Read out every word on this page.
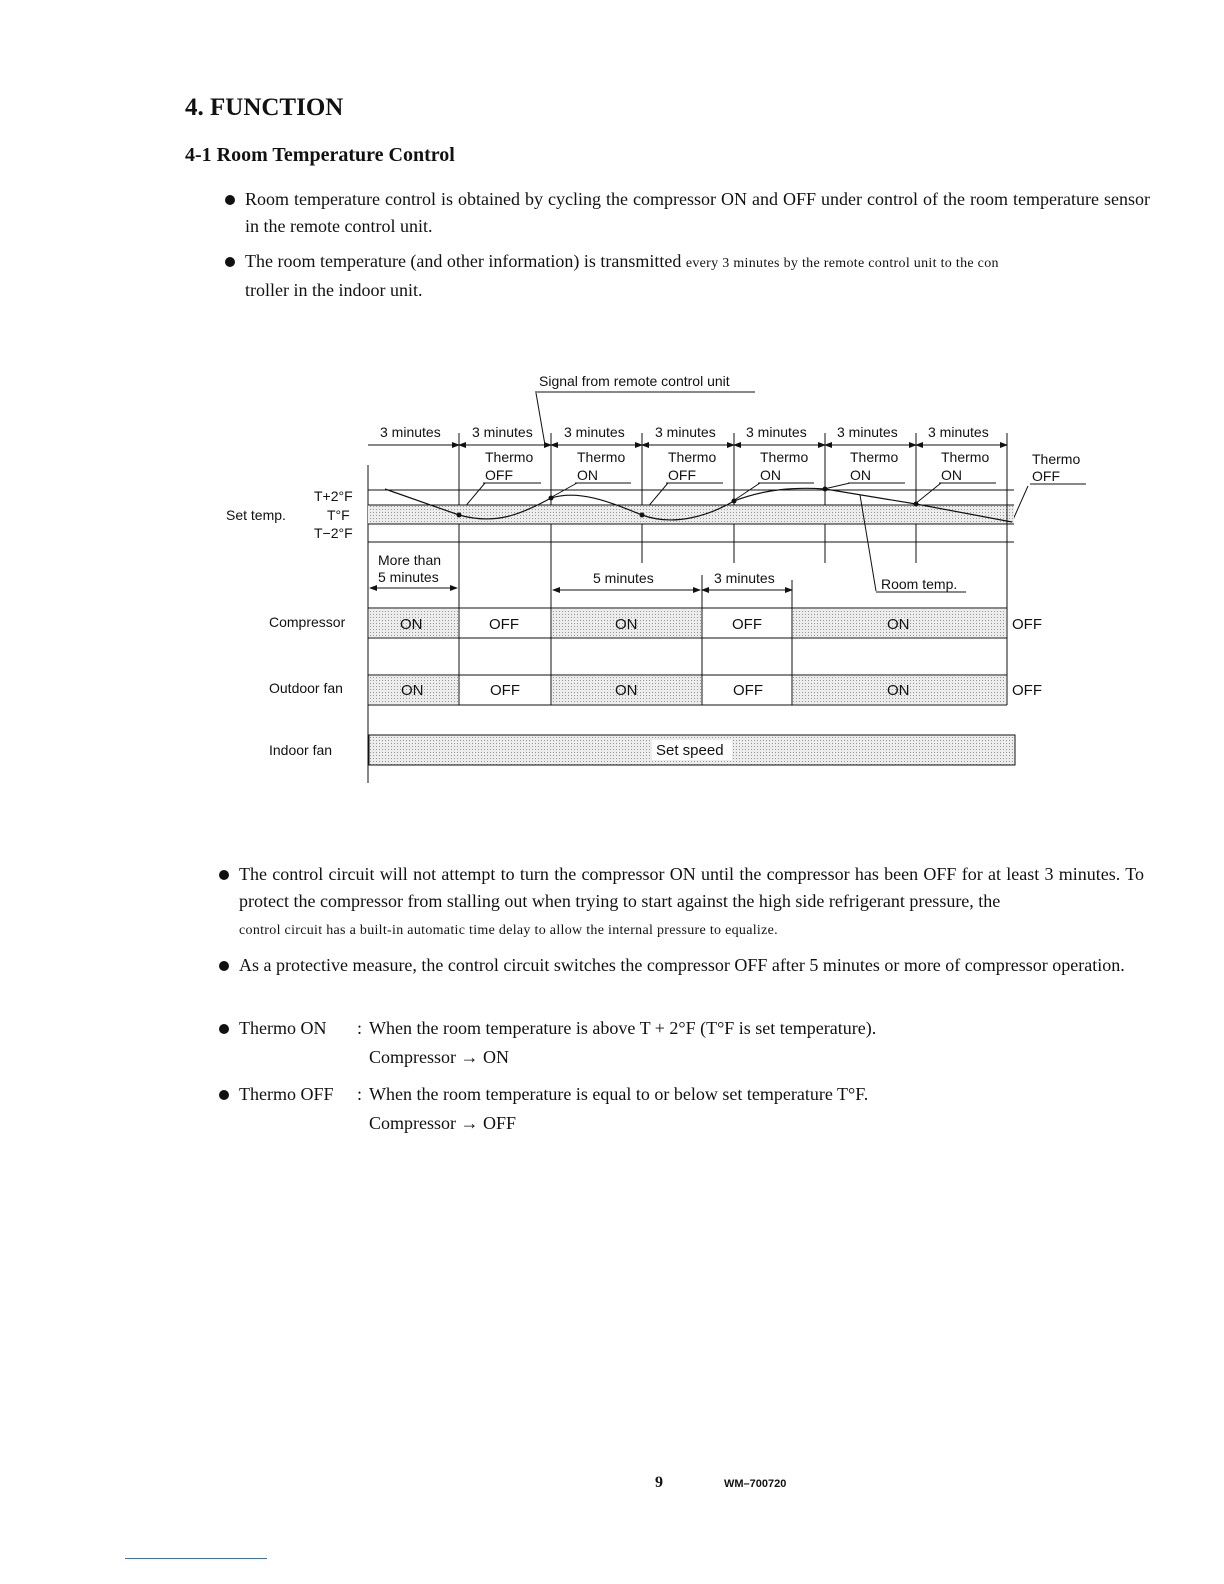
4. FUNCTION
4-1 Room Temperature Control
Room temperature control is obtained by cycling the compressor ON and OFF under control of the room temperature sensor in the remote control unit.
The room temperature (and other information) is transmitted every 3 minutes by the remote control unit to the con
troller in the indoor unit.
Signal from remote control unit
3 minutes 3 minutes 3 minutes 3 minutes 3 minutes 3 minutes 3 minutes
Thermo
OFF
Thermo
ON
Thermo
OFF
Thermo
ON
Thermo
ON
Thermo
ON
Thermo
OFF
Set temp.
T+2°F
T°F
T−2°F
More than
5 minutes	5 minutes	3 minutes	Room temp.
Compressor	ON	OFF	ON	OFF	ON	OFF
Outdoor fan	ON	OFF	ON	OFF	ON	OFF
Indoor fan	Set speed
The control circuit will not attempt to turn the compressor ON until the compressor has been OFF for at least 3 minutes. To protect the compressor from stalling out when trying to start against the high side refrigerant pressure, the
control circuit has a built-in automatic time delay to allow the internal pressure to equalize.
As a protective measure, the control circuit switches the compressor OFF after 5 minutes or more of compressor operation.
Thermo ON : When the room temperature is above T + 2°F (T°F is set temperature).
Compressor → ON
Thermo OFF : When the room temperature is equal to or below set temperature T°F.
Compressor → OFF
9	WM–700720
